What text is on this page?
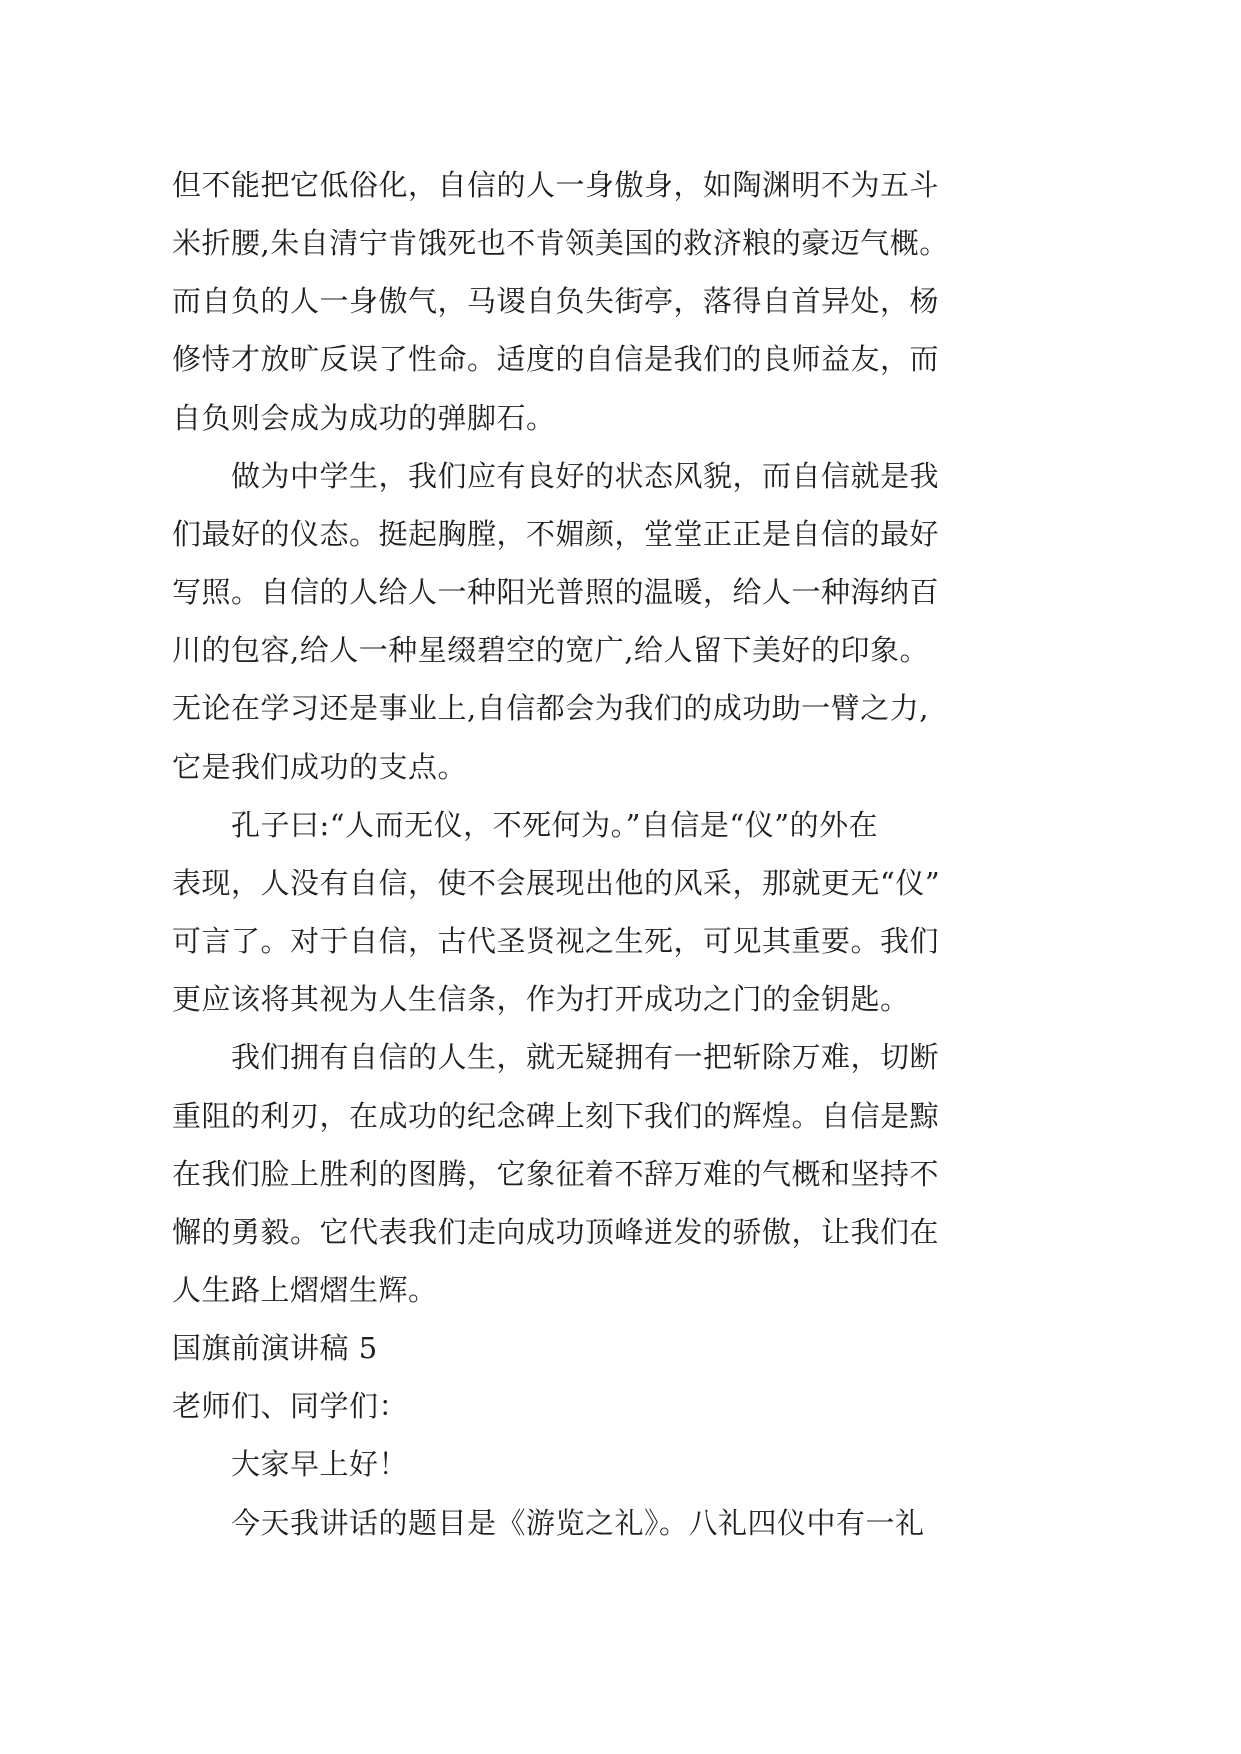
但不能把它低俗化，自信的人一身傲身，如陶渊明不为五斗
米折腰,朱自清宁肯饿死也不肯领美国的救济粮的豪迈气概。
而自负的人一身傲气，马谡自负失街亭，落得自首异处，杨
修恃才放旷反误了性命。适度的自信是我们的良师益友，而
自负则会成为成功的弹脚石。
做为中学生，我们应有良好的状态风貌，而自信就是我
们最好的仪态。挺起胸膛，不媚颜，堂堂正正是自信的最好
写照。自信的人给人一种阳光普照的温暖，给人一种海纳百
川的包容,给人一种星缀碧空的宽广,给人留下美好的印象。
无论在学习还是事业上,自信都会为我们的成功助一臂之力,
它是我们成功的支点。
孔子曰:“人而无仪，不死何为。”自信是“仪”的外在
表现，人没有自信，使不会展现出他的风采，那就更无“仪”
可言了。对于自信，古代圣贤视之生死，可见其重要。我们
更应该将其视为人生信条，作为打开成功之门的金钥匙。
我们拥有自信的人生，就无疑拥有一把斩除万难，切断
重阻的利刃，在成功的纪念碑上刻下我们的辉煌。自信是黥
在我们脸上胜利的图腾，它象征着不辞万难的气概和坚持不
懈的勇毅。它代表我们走向成功顶峰迸发的骄傲，让我们在
人生路上熠熠生辉。
国旗前演讲稿 5
老师们、同学们：
大家早上好！
今天我讲话的题目是《游览之礼》。八礼四仪中有一礼
